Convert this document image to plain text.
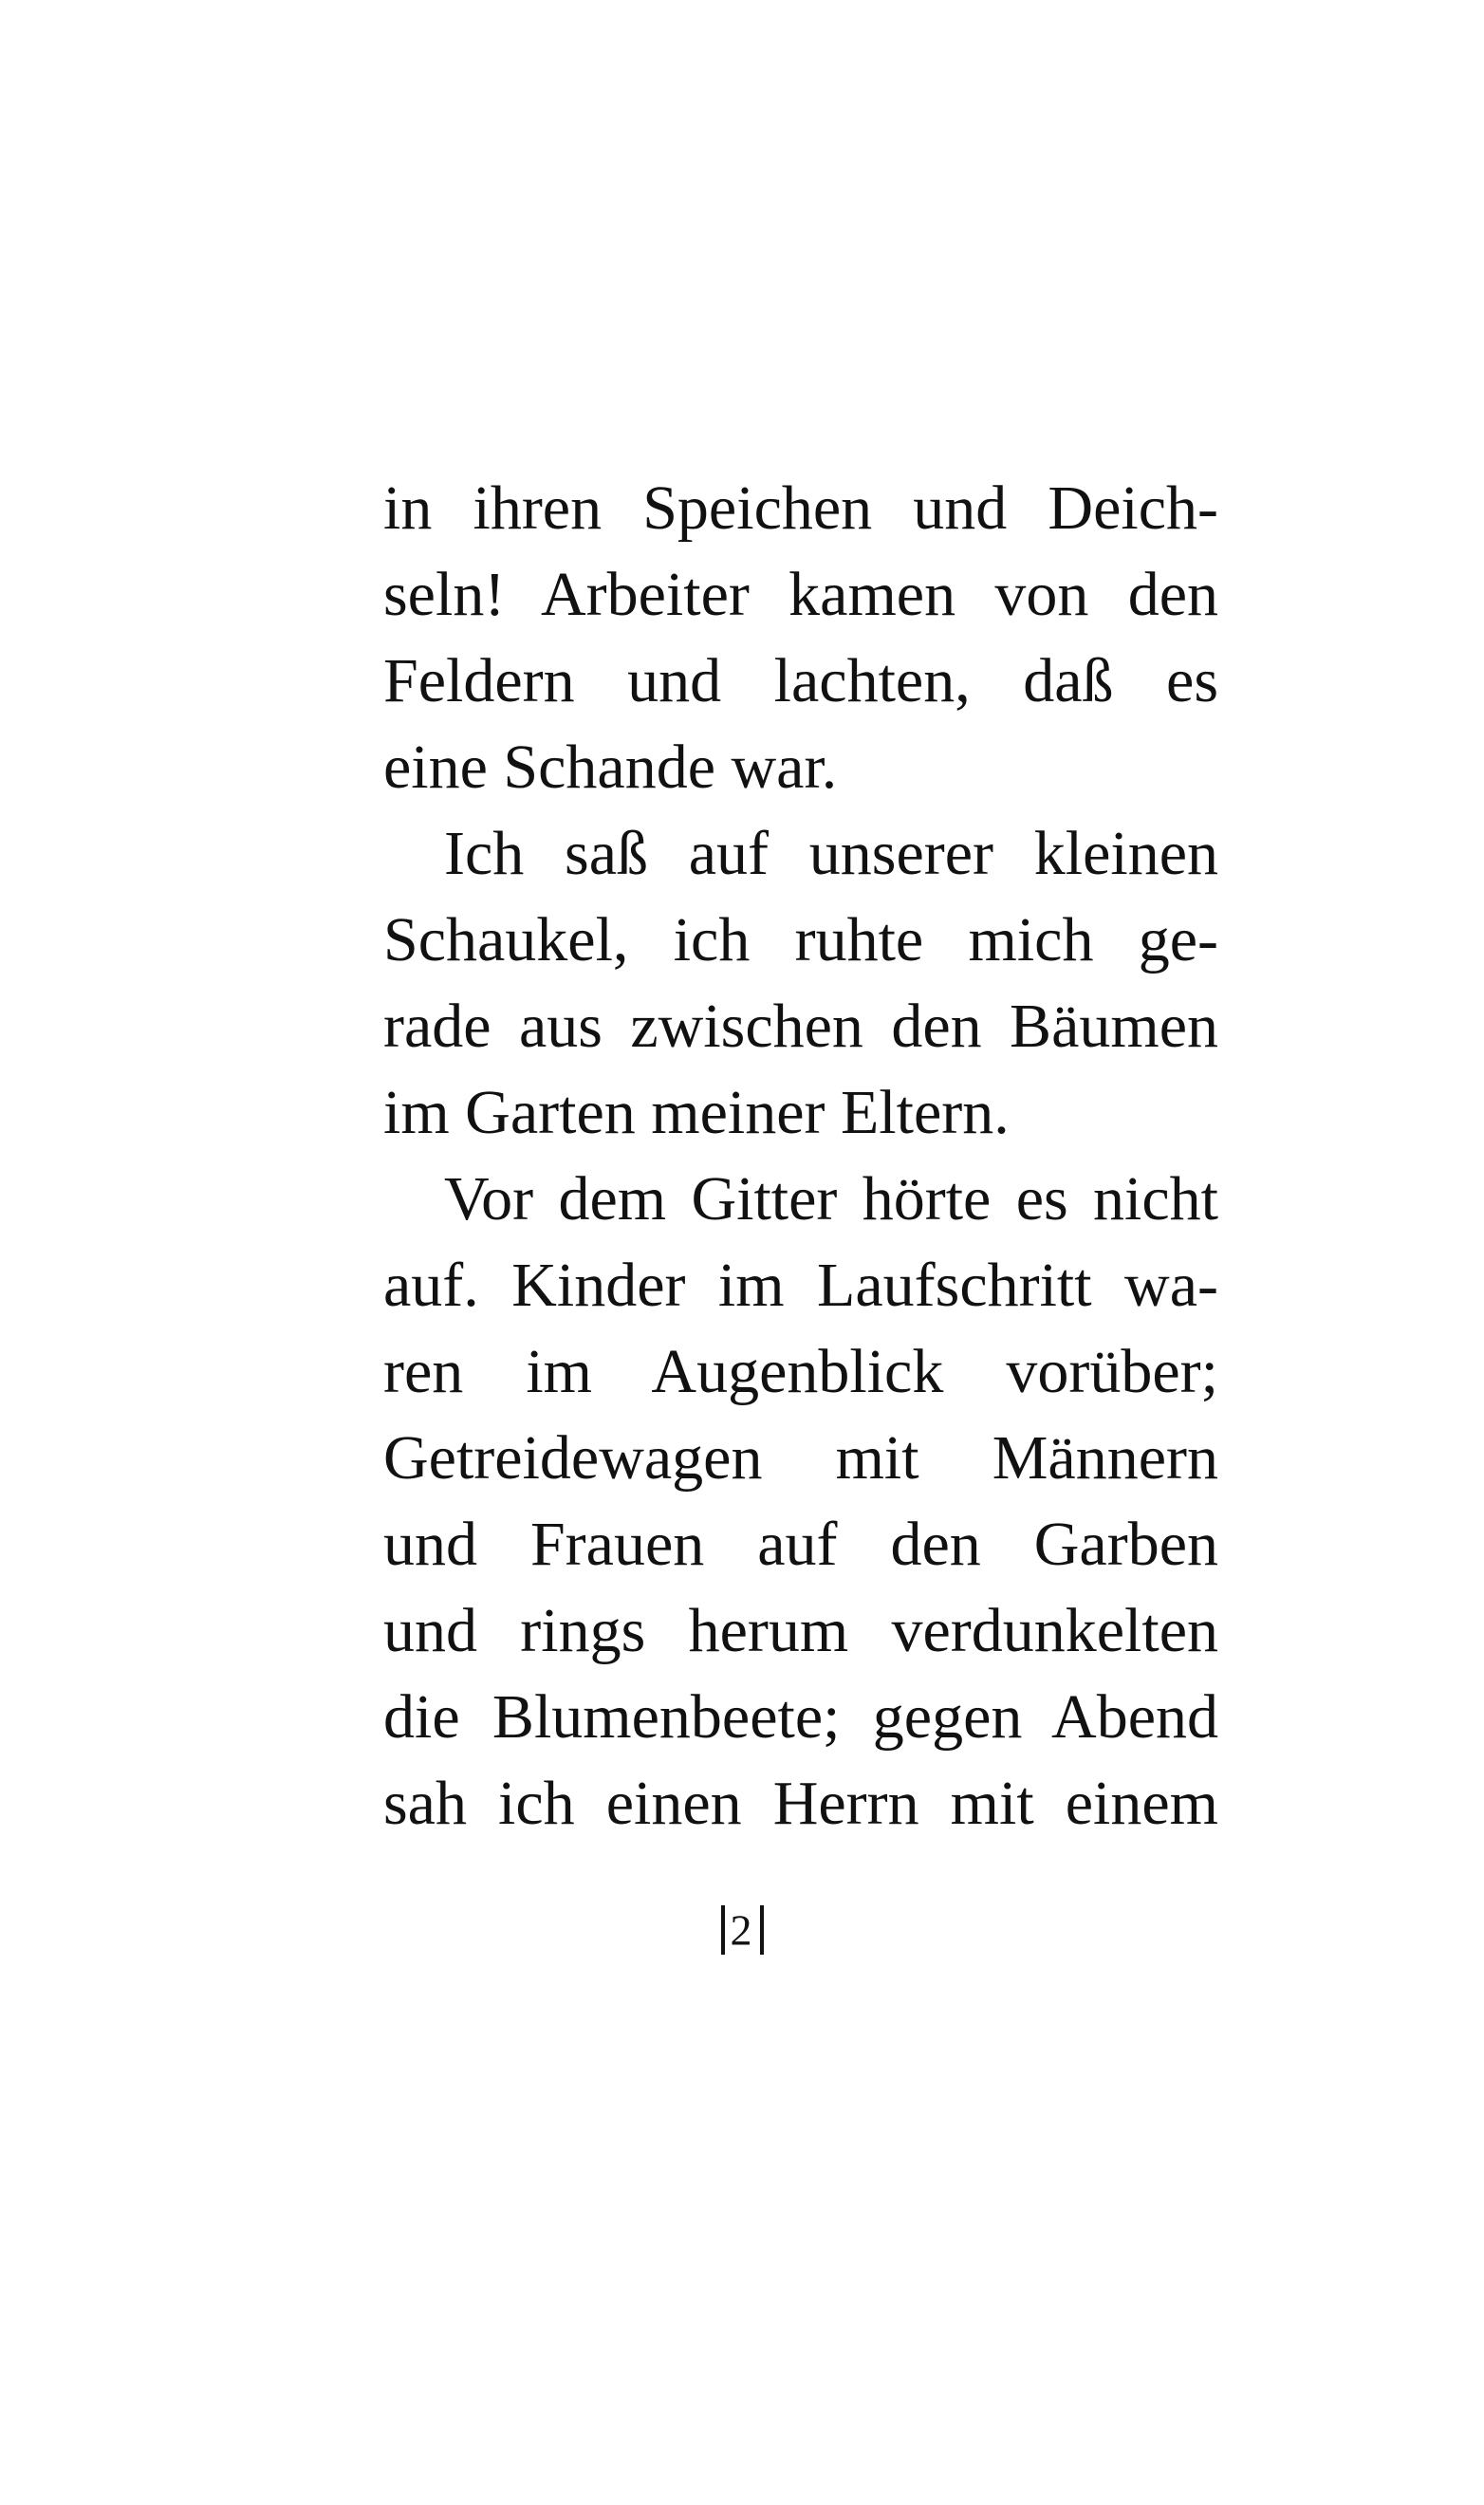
in ihren Speichen und Deich-
seln! Arbeiter kamen von den
Feldern und lachten, daß es
eine Schande war.
Ich saß auf unserer kleinen
Schaukel, ich ruhte mich ge-
rade aus zwischen den Bäumen
im Garten meiner Eltern.
Vor dem Gitter hörte es nicht
auf. Kinder im Laufschritt wa-
ren im Augenblick vorüber;
Getreidewagen mit Männern
und Frauen auf den Garben
und rings herum verdunkelten
die Blumenbeete; gegen Abend
sah ich einen Herrn mit einem
2
